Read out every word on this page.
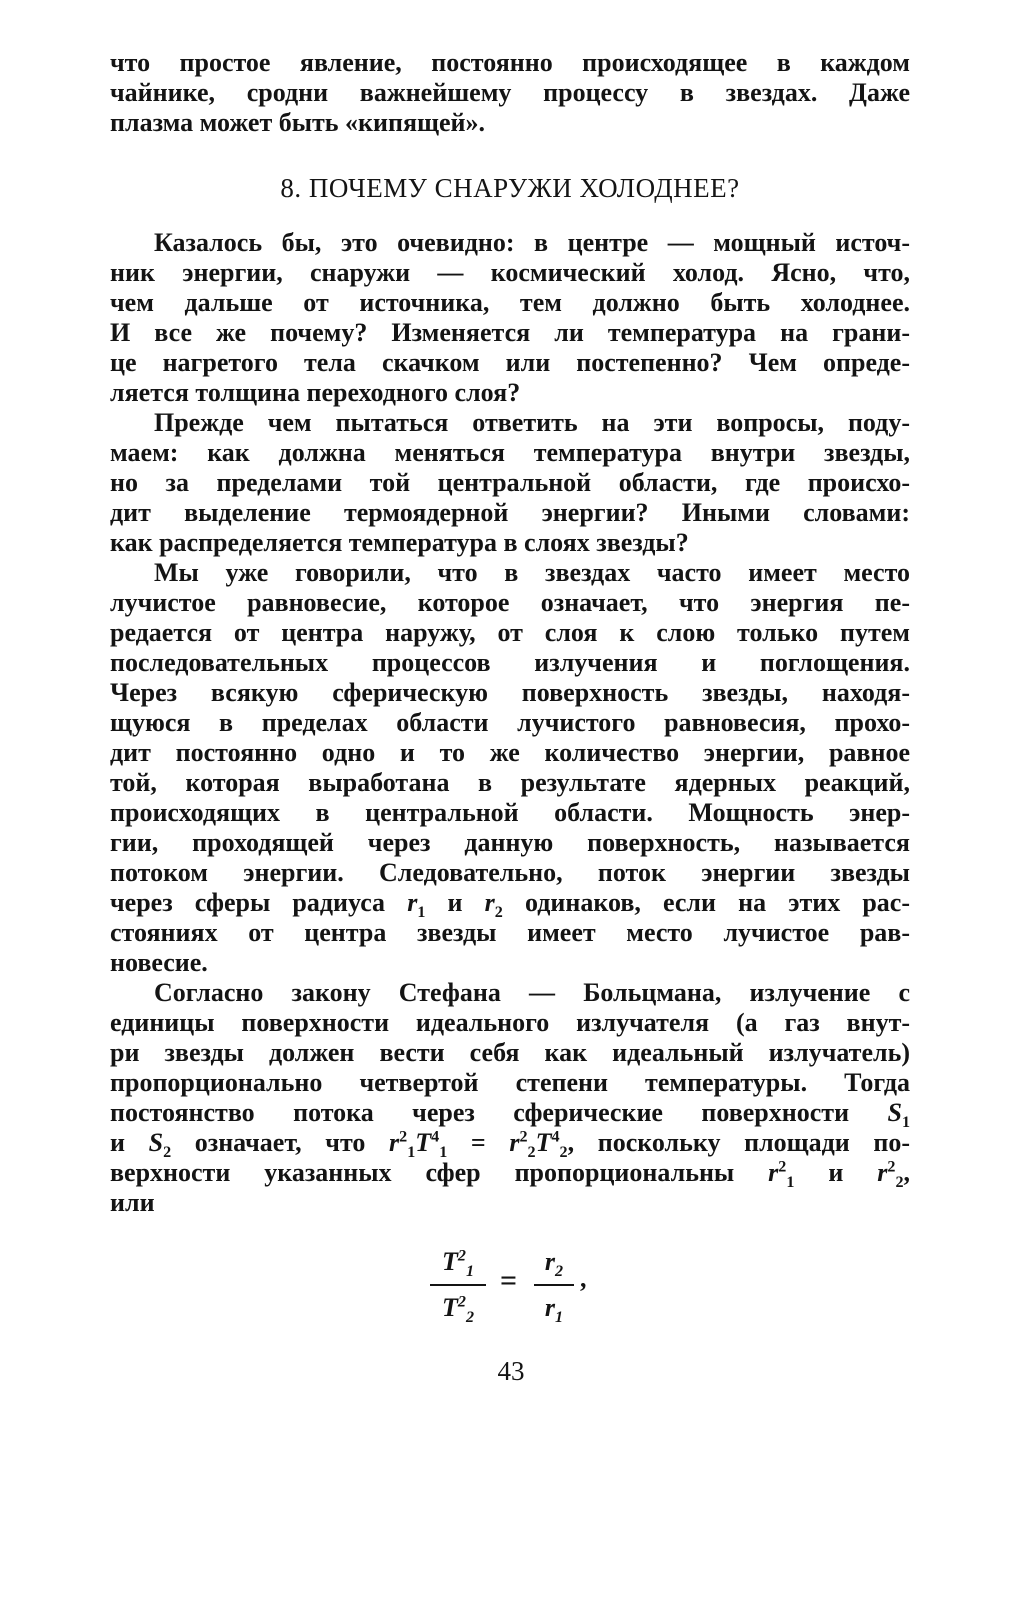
что простое явление, постоянно происходящее в каждом
чайнике, сродни важнейшему процессу в звездах. Даже
плазма может быть «кипящей».
8. ПОЧЕМУ СНАРУЖИ ХОЛОДНЕЕ?
Казалось бы, это очевидно: в центре — мощный источ-
ник энергии, снаружи — космический холод. Ясно, что,
чем дальше от источника, тем должно быть холоднее.
И все же почему? Изменяется ли температура на грани-
це нагретого тела скачком или постепенно? Чем опреде-
ляется толщина переходного слоя?
Прежде чем пытаться ответить на эти вопросы, поду-
маем: как должна меняться температура внутри звезды,
но за пределами той центральной области, где происхо-
дит выделение термоядерной энергии? Иными словами:
как распределяется температура в слоях звезды?
Мы уже говорили, что в звездах часто имеет место
лучистое равновесие, которое означает, что энергия пе-
редается от центра наружу, от слоя к слою только путем
последовательных процессов излучения и поглощения.
Через всякую сферическую поверхность звезды, находя-
щуюся в пределах области лучистого равновесия, прохо-
дит постоянно одно и то же количество энергии, равное
той, которая выработана в результате ядерных реакций,
происходящих в центральной области. Мощность энер-
гии, проходящей через данную поверхность, называется
потоком энергии. Следовательно, поток энергии звезды
через сферы радиуса $r_1$ и $r_2$ одинаков, если на этих рас-
стояниях от центра звезды имеет место лучистое рав-
новесие.
Согласно закону Стефана — Больцмана, излучение с
единицы поверхности идеального излучателя (а газ внут-
ри звезды должен вести себя как идеальный излучатель)
пропорционально четвертой степени температуры. Тогда
постоянство потока через сферические поверхности $S_1$
и $S_2$ означает, что $r^2_1T^4_1 = r^2_2T^4_2$, поскольку площади по-
верхности указанных сфер пропорциональны $r^2_1$ и $r^2_2$,
или
$T^2_1$
$T^2_2$
=
$r_2$
$r_1$
,
43
